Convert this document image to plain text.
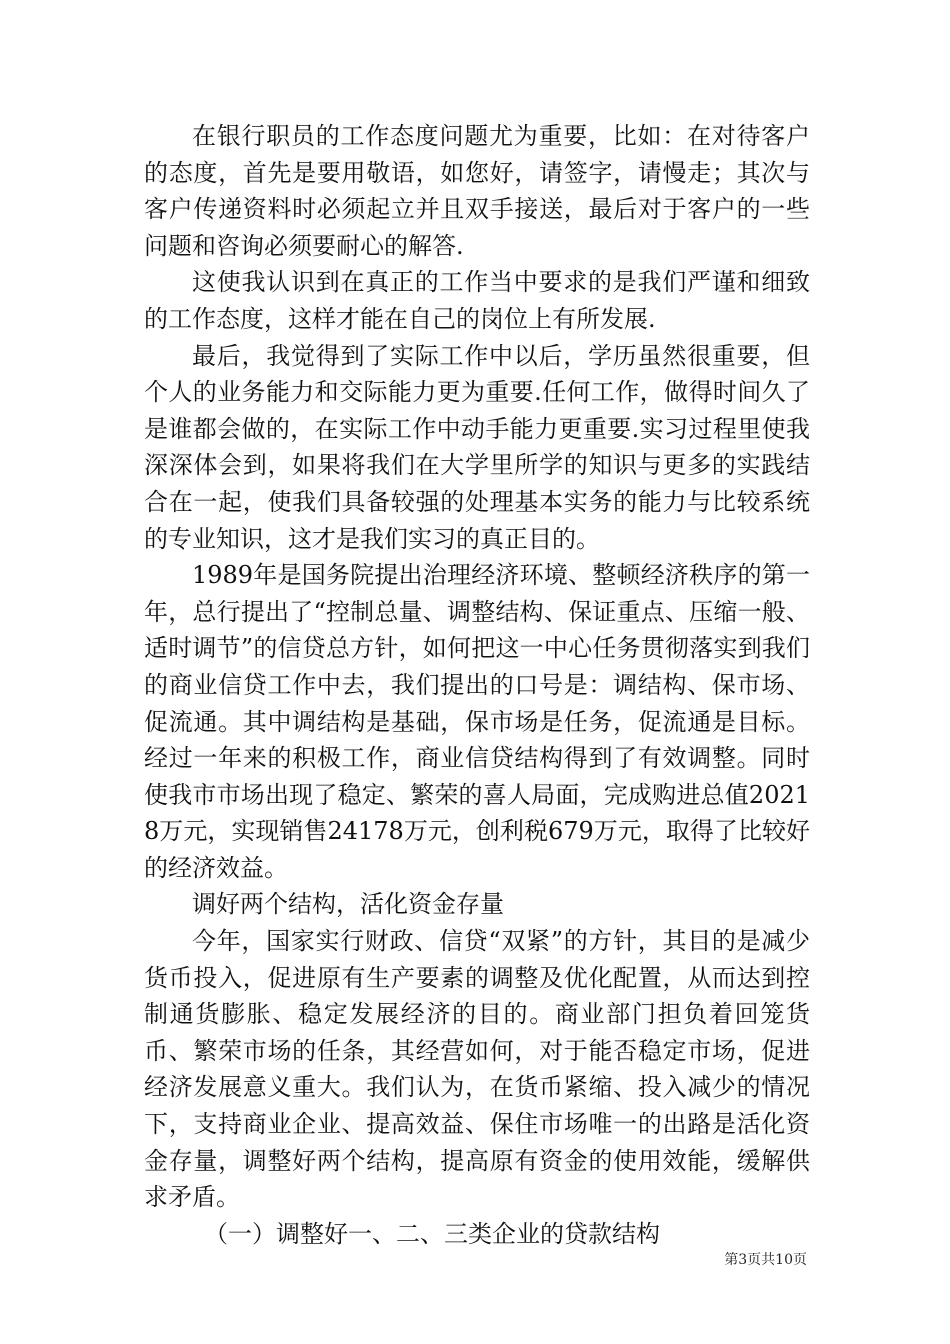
在银行职员的工作态度问题尤为重要，比如：在对待客户的态度，首先是要用敬语，如您好，请签字，请慢走；其次与客户传递资料时必须起立并且双手接送，最后对于客户的一些问题和咨询必须要耐心的解答.

这使我认识到在真正的工作当中要求的是我们严谨和细致的工作态度，这样才能在自己的岗位上有所发展.

最后，我觉得到了实际工作中以后，学历虽然很重要，但个人的业务能力和交际能力更为重要.任何工作，做得时间久了是谁都会做的，在实际工作中动手能力更重要.实习过程里使我深深体会到，如果将我们在大学里所学的知识与更多的实践结合在一起，使我们具备较强的处理基本实务的能力与比较系统的专业知识，这才是我们实习的真正目的。

1989年是国务院提出治理经济环境、整顿经济秩序的第一年，总行提出了“控制总量、调整结构、保证重点、压缩一般、适时调节”的信贷总方针，如何把这一中心任务贯彻落实到我们的商业信贷工作中去，我们提出的口号是：调结构、保市场、促流通。其中调结构是基础，保市场是任务，促流通是目标。经过一年来的积极工作，商业信贷结构得到了有效调整。同时使我市市场出现了稳定、繁荣的喜人局面，完成购进总值20218万元，实现销售24178万元，创利税679万元，取得了比较好的经济效益。

调好两个结构，活化资金存量

今年，国家实行财政、信贷“双紧”的方针，其目的是减少货币投入，促进原有生产要素的调整及优化配置，从而达到控制通货膨胀、稳定发展经济的目的。商业部门担负着回笼货币、繁荣市场的任条，其经营如何，对于能否稳定市场，促进经济发展意义重大。我们认为，在货币紧缩、投入减少的情况下，支持商业企业、提高效益、保住市场唯一的出路是活化资金存量，调整好两个结构，提高原有资金的使用效能，缓解供求矛盾。

（一）调整好一、二、三类企业的贷款结构

第3页共10页
